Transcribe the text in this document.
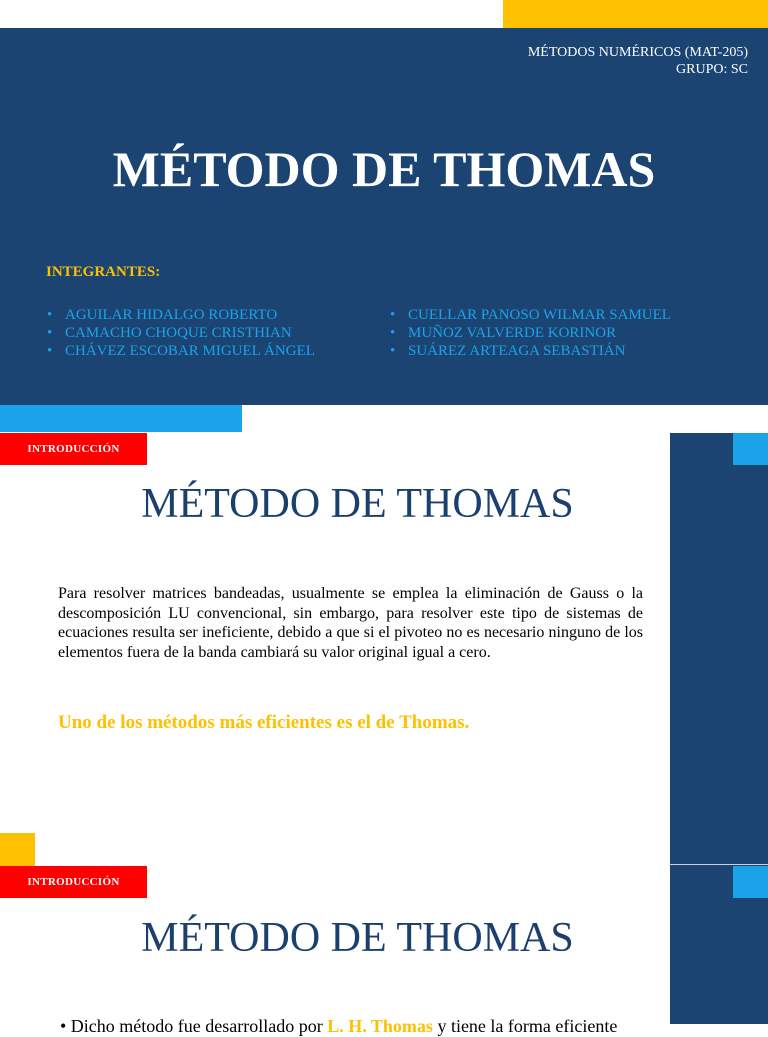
MÉTODOS NUMÉRICOS (MAT-205)
GRUPO: SC
MÉTODO DE THOMAS
INTEGRANTES:
• AGUILAR HIDALGO ROBERTO
• CAMACHO CHOQUE CRISTHIAN
• CHÁVEZ ESCOBAR MIGUEL ÁNGEL
• CUELLAR PANOSO WILMAR SAMUEL
• MUÑOZ VALVERDE KORINOR
• SUÁREZ ARTEAGA SEBASTIÁN
INTRODUCCIÓN
MÉTODO DE THOMAS

Para resolver matrices bandeadas, usualmente se emplea la eliminación de Gauss o la descomposición LU convencional, sin embargo, para resolver este tipo de sistemas de ecuaciones resulta ser ineficiente, debido a que si el pivoteo no es necesario ninguno de los elementos fuera de la banda cambiará su valor original igual a cero.

Uno de los métodos más eficientes es el de Thomas.
INTRODUCCIÓN
MÉTODO DE THOMAS
• Dicho método fue desarrollado por L. H. Thomas y tiene la forma eficiente
